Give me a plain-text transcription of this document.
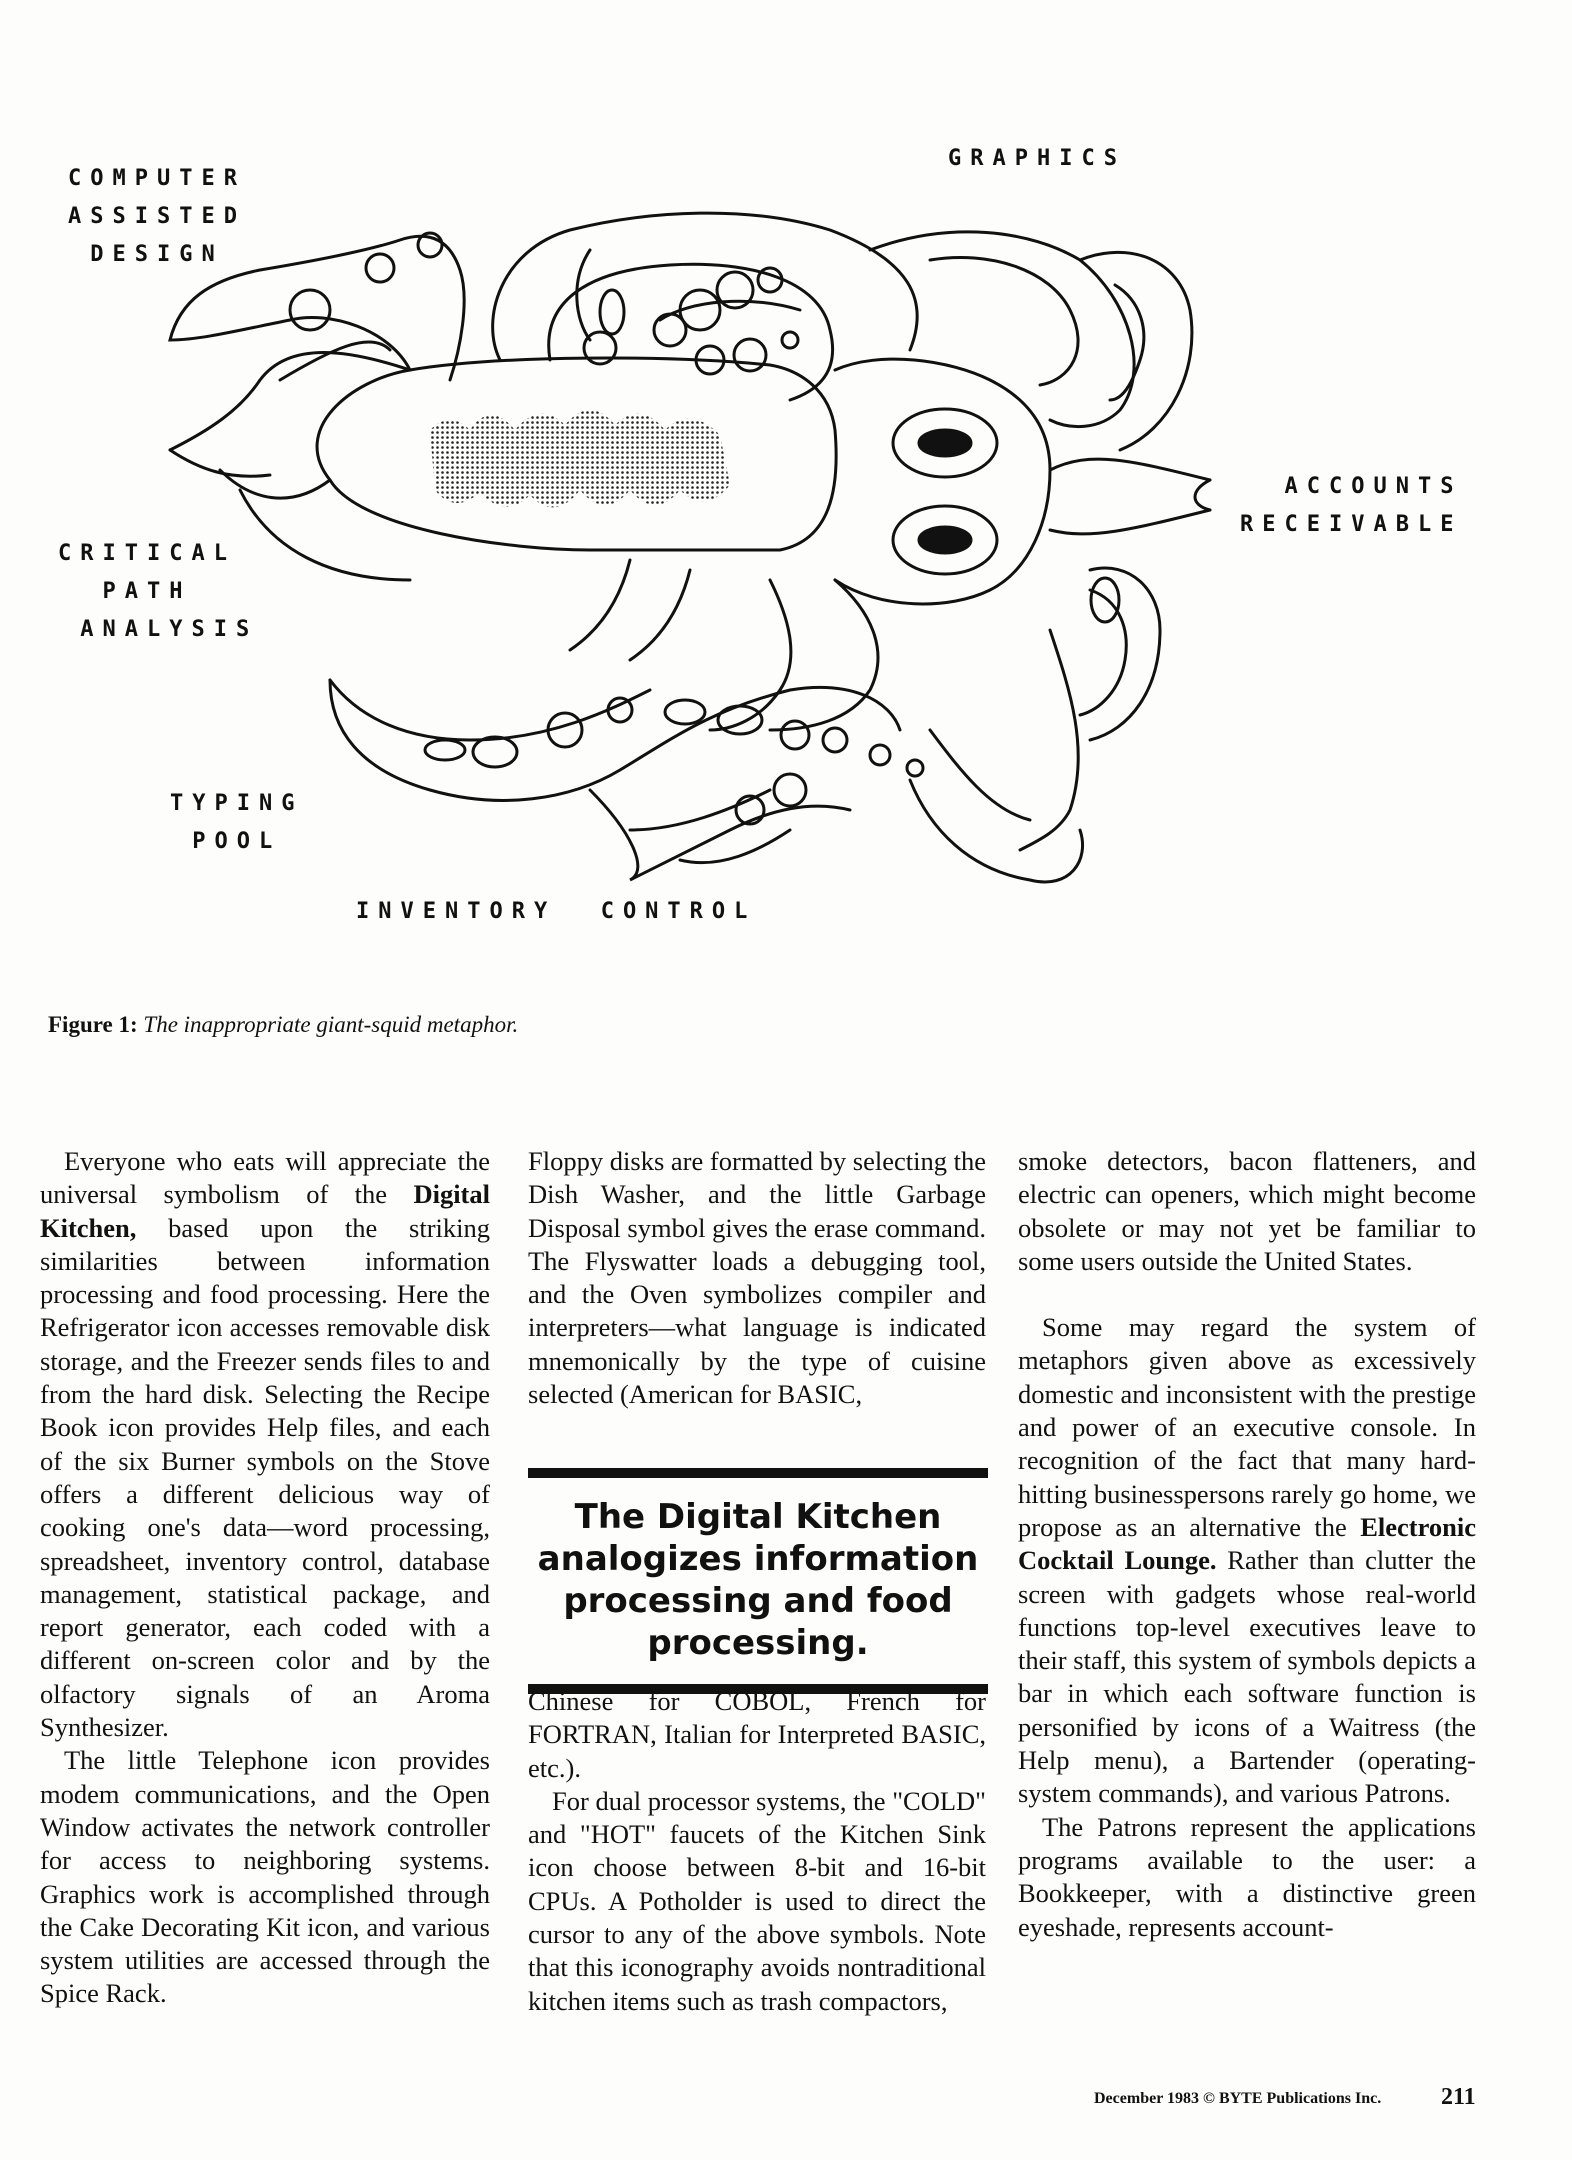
COMPUTER
ASSISTED
DESIGN
GRAPHICS
ACCOUNTS
RECEIVABLE
CRITICAL
PATH
ANALYSIS
TYPING
POOL
INVENTORY  CONTROL
Figure 1: The inappropriate giant-squid metaphor.

Everyone who eats will appreciate the universal symbolism of the Digital Kitchen, based upon the striking similarities between information processing and food processing. Here the Refrigerator icon accesses removable disk storage, and the Freezer sends files to and from the hard disk. Selecting the Recipe Book icon provides Help files, and each of the six Burner symbols on the Stove offers a different delicious way of cooking one's data—word processing, spreadsheet, inventory control, database management, statistical package, and report generator, each coded with a different on-screen color and by the olfactory signals of an Aroma Synthesizer.

The little Telephone icon provides modem communications, and the Open Window activates the network controller for access to neighboring systems. Graphics work is accomplished through the Cake Decorating Kit icon, and various system utilities are accessed through the Spice Rack.

Floppy disks are formatted by selecting the Dish Washer, and the little Garbage Disposal symbol gives the erase command. The Flyswatter loads a debugging tool, and the Oven symbolizes compiler and interpreters—what language is indicated mnemonically by the type of cuisine selected (American for BASIC,

The Digital Kitchen analogizes information processing and food processing.

Chinese for COBOL, French for FORTRAN, Italian for Interpreted BASIC, etc.).

For dual processor systems, the "COLD" and "HOT" faucets of the Kitchen Sink icon choose between 8-bit and 16-bit CPUs. A Potholder is used to direct the cursor to any of the above symbols. Note that this iconography avoids nontraditional kitchen items such as trash compactors,

smoke detectors, bacon flatteners, and electric can openers, which might become obsolete or may not yet be familiar to some users outside the United States.

Some may regard the system of metaphors given above as excessively domestic and inconsistent with the prestige and power of an executive console. In recognition of the fact that many hard-hitting businesspersons rarely go home, we propose as an alternative the Electronic Cocktail Lounge. Rather than clutter the screen with gadgets whose real-world functions top-level executives leave to their staff, this system of symbols depicts a bar in which each software function is personified by icons of a Waitress (the Help menu), a Bartender (operating-system commands), and various Patrons.

The Patrons represent the applications programs available to the user: a Bookkeeper, with a distinctive green eyeshade, represents account-

December 1983 © BYTE Publications Inc. 211
